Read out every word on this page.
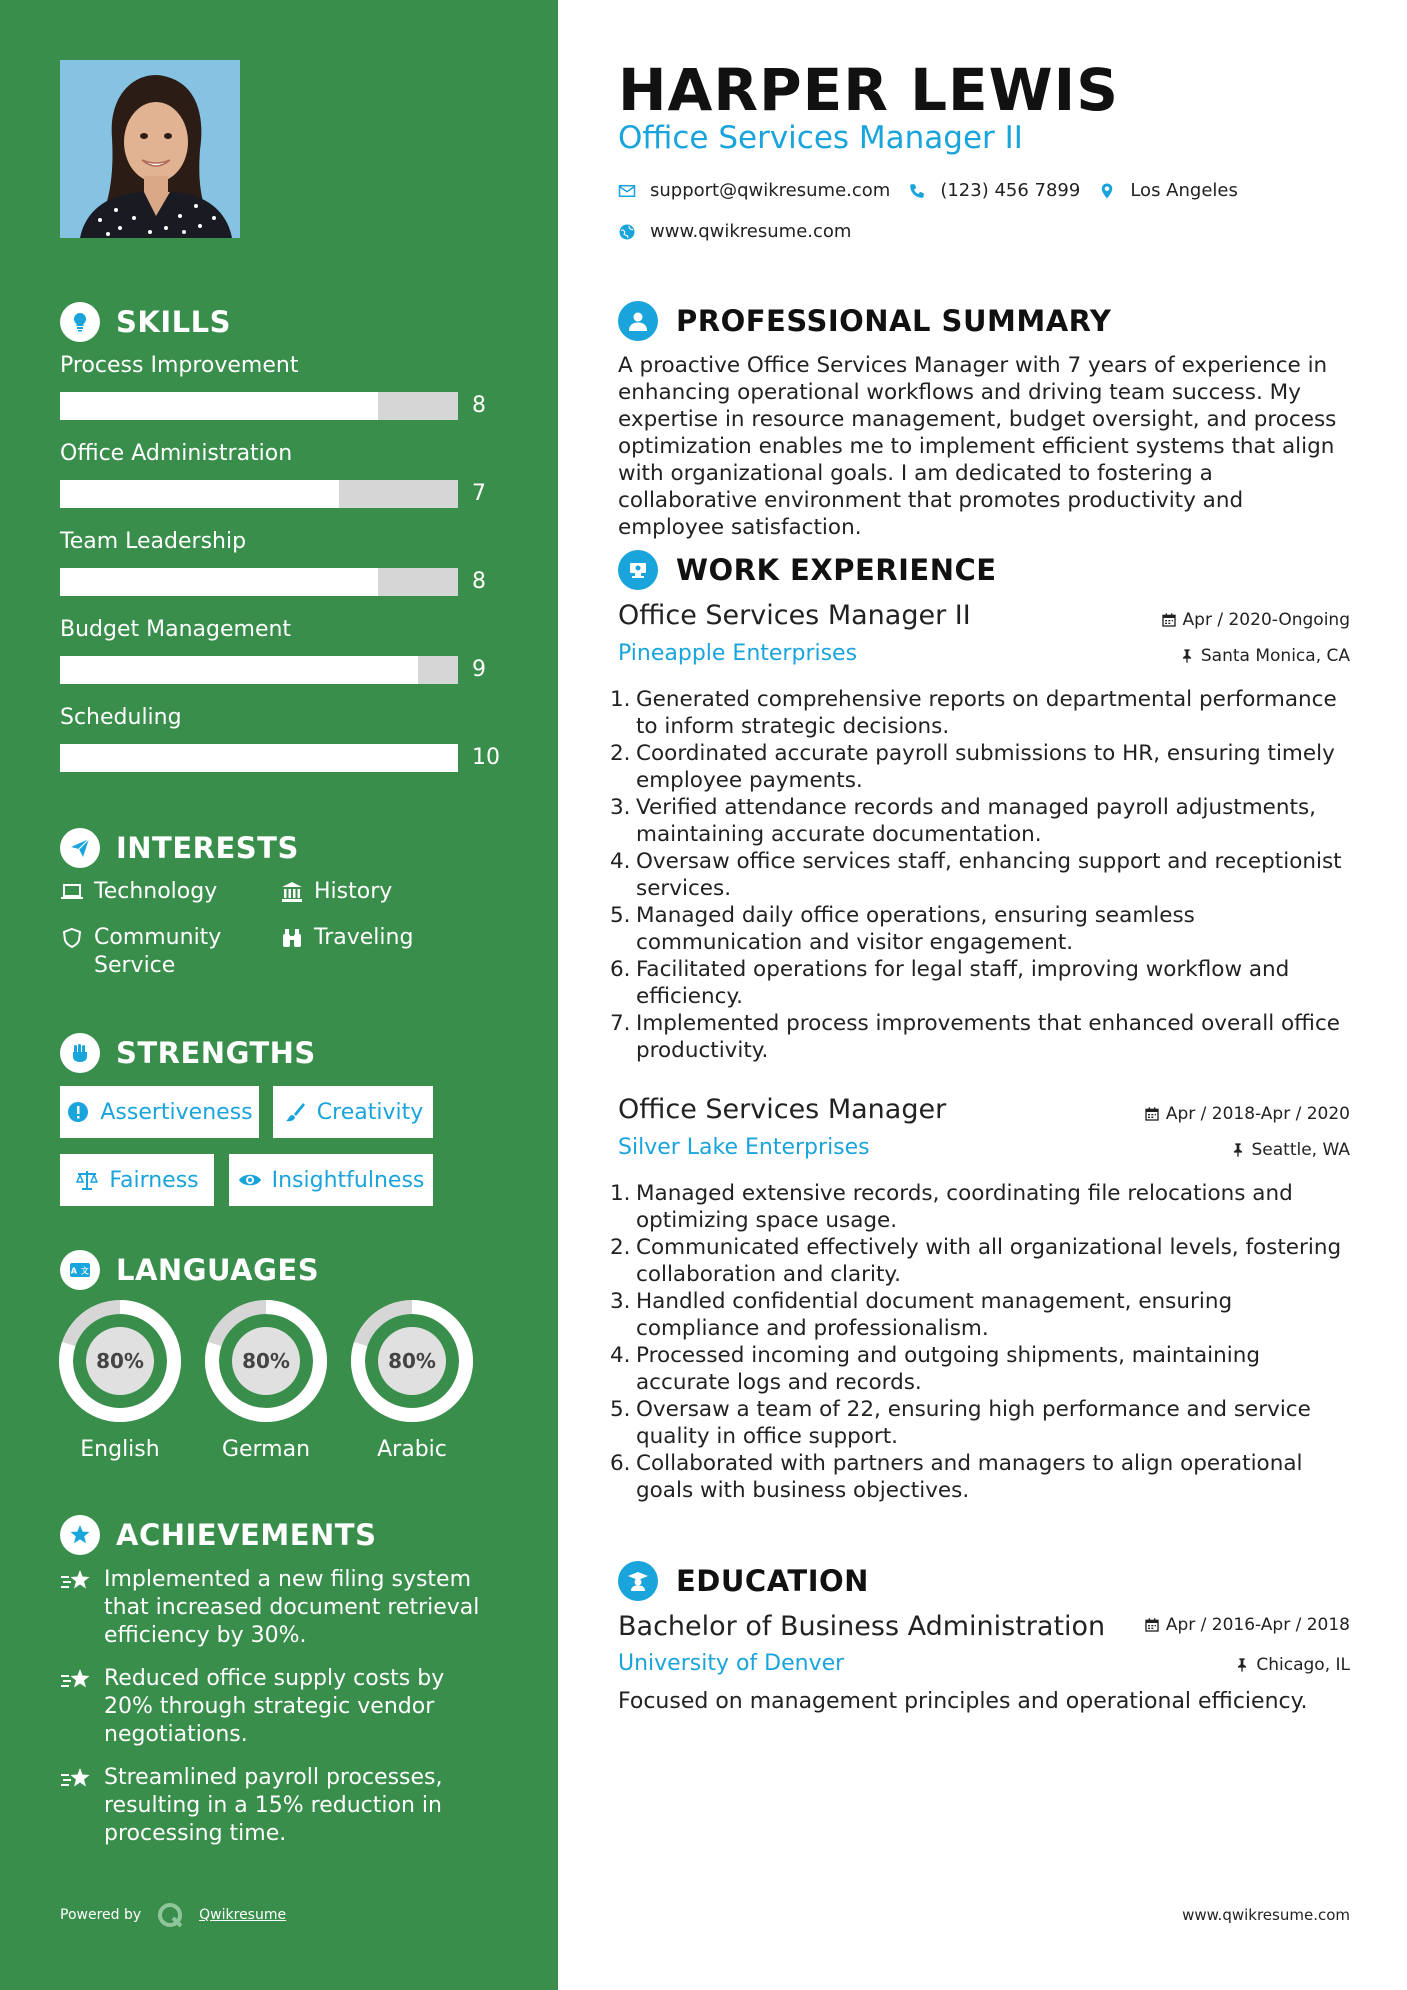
SKILLS
Process Improvement
8
Office Administration
7
Team Leadership
8
Budget Management
9
Scheduling
10
INTERESTS
Technology	History
Community Service
Traveling
STRENGTHS
Assertiveness	Creativity
Fairness	Insightfulness
A 文 LANGUAGES
80%
English
80%
German
80%
Arabic
ACHIEVEMENTS
Implemented a new filing system that increased document retrieval efficiency by 30%.
Reduced office supply costs by 20% through strategic vendor negotiations.
Streamlined payroll processes, resulting in a 15% reduction in processing time.
Powered by	Qwikresume
HARPER LEWIS
Office Services Manager II
support@qwikresume.com	(123) 456 7899	Los Angeles
www.qwikresume.com
PROFESSIONAL SUMMARY
A proactive Office Services Manager with 7 years of experience in enhancing operational workflows and driving team success. My expertise in resource management, budget oversight, and process optimization enables me to implement efficient systems that align with organizational goals. I am dedicated to fostering a collaborative environment that promotes productivity and employee satisfaction.
WORK EXPERIENCE
Office Services Manager II	Apr / 2020-Ongoing
Pineapple Enterprises	Santa Monica, CA
1. Generated comprehensive reports on departmental performance to inform strategic decisions.
2. Coordinated accurate payroll submissions to HR, ensuring timely employee payments.
3. Verified attendance records and managed payroll adjustments, maintaining accurate documentation.
4. Oversaw office services staff, enhancing support and receptionist services.
5. Managed daily office operations, ensuring seamless communication and visitor engagement.
6. Facilitated operations for legal staff, improving workflow and efficiency.
7. Implemented process improvements that enhanced overall office productivity.
Office Services Manager	Apr / 2018-Apr / 2020
Silver Lake Enterprises	Seattle, WA
1. Managed extensive records, coordinating file relocations and optimizing space usage.
2. Communicated effectively with all organizational levels, fostering collaboration and clarity.
3. Handled confidential document management, ensuring compliance and professionalism.
4. Processed incoming and outgoing shipments, maintaining accurate logs and records.
5. Oversaw a team of 22, ensuring high performance and service quality in office support.
6. Collaborated with partners and managers to align operational goals with business objectives.
EDUCATION
Bachelor of Business Administration	Apr / 2016-Apr / 2018
University of Denver	Chicago, IL
Focused on management principles and operational efficiency.
www.qwikresume.com
